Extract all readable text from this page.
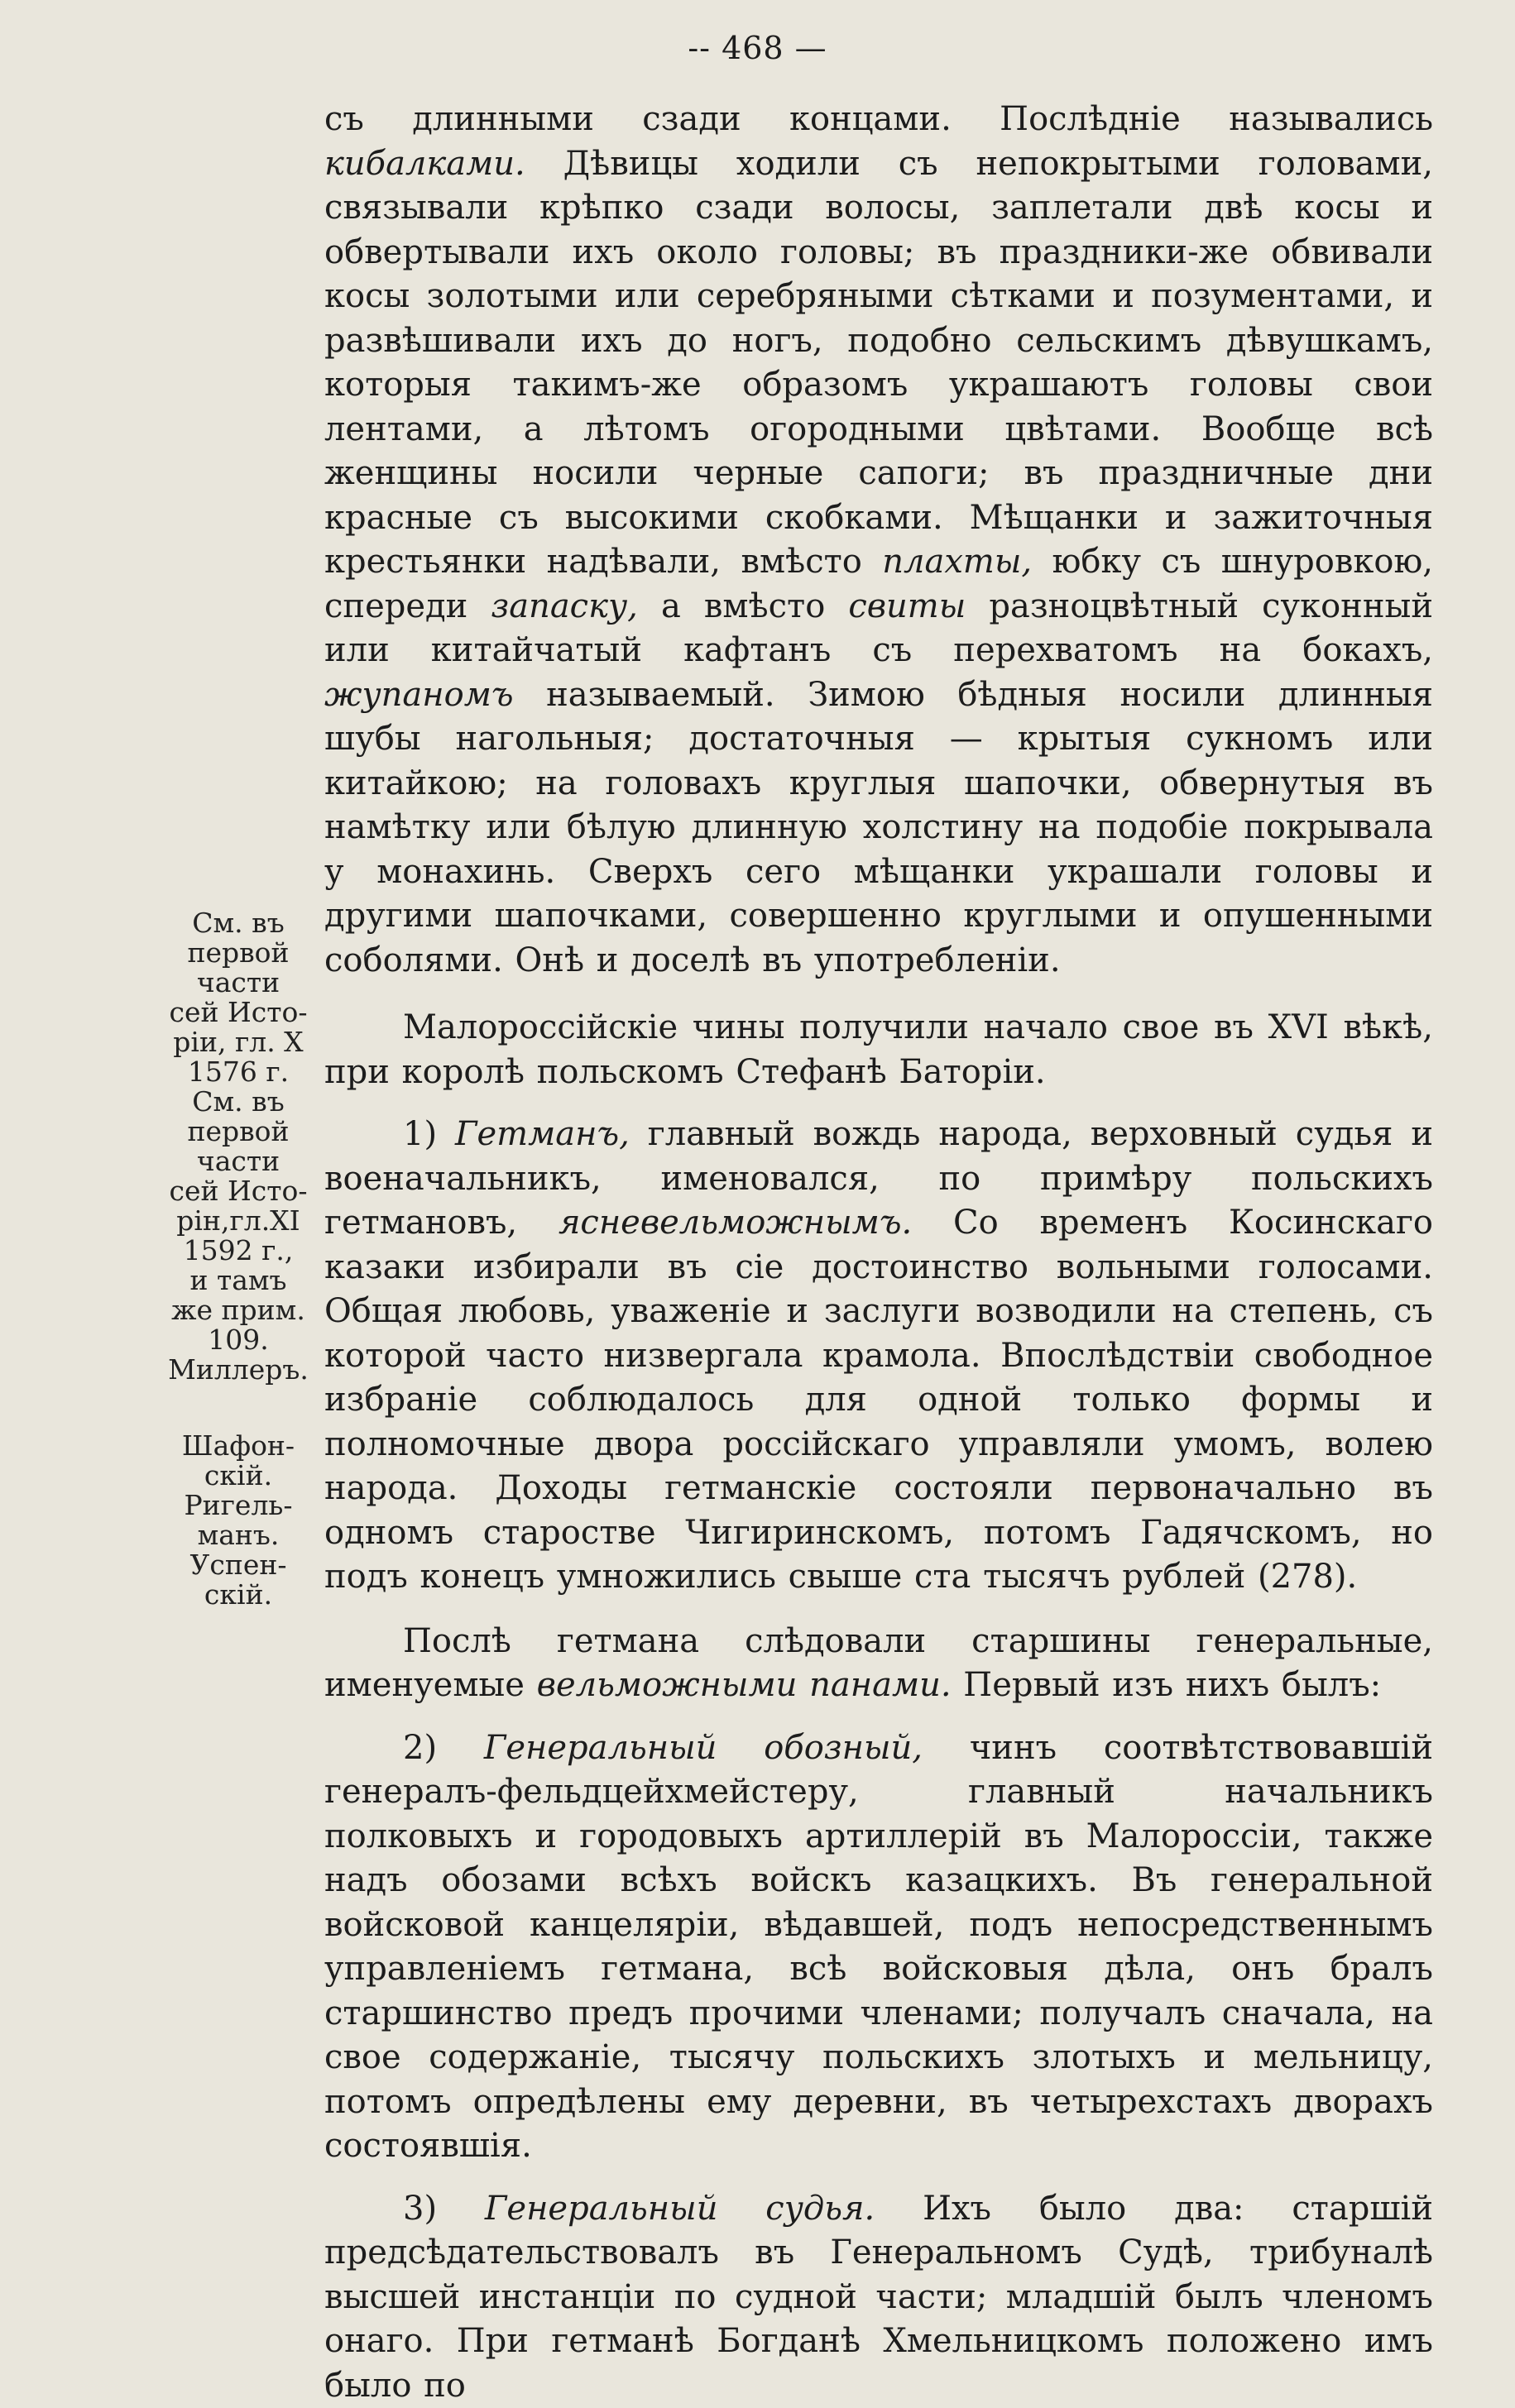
-- 468 —
См. въ
первой
части
сей Исто-
ріи, гл. X
1576 г.
См. въ
первой
части
сей Исто-
рін,гл.XI
1592 г.,
и тамъ
же прим.
109.
Миллеръ.
Шафон-
скій.
Ригель-
манъ.
Успен-
скій.

съ длинными сзади концами. Послѣдніе назывались кибалками. Дѣвицы ходили съ непокрытыми головами, связывали крѣпко сзади волосы, заплетали двѣ косы и обвертывали ихъ около головы; въ праздники-же обвивали косы золотыми или серебряными сѣтками и позументами, и развѣшивали ихъ до ногъ, подобно сельскимъ дѣвушкамъ, которыя такимъ-же образомъ украшаютъ головы свои лентами, а лѣтомъ огородными цвѣтами. Вообще всѣ женщины носили черные сапоги; въ праздничные дни красные съ высокими скобками. Мѣщанки и зажиточныя крестьянки надѣвали, вмѣсто плахты, юбку съ шнуровкою, спереди запаску, а вмѣсто свиты разноцвѣтный суконный или китайчатый кафтанъ съ перехватомъ на бокахъ, жупаномъ называемый. Зимою бѣдныя носили длинныя шубы нагольныя; достаточныя — крытыя сукномъ или китайкою; на головахъ круглыя шапочки, обвернутыя въ намѣтку или бѣлую длинную холстину на подобіе покрывала у монахинь. Сверхъ сего мѣщанки украшали головы и другими шапочками, совершенно круглыми и опушенными соболями. Онѣ и доселѣ въ употребленіи.

Малороссійскіе чины получили начало свое въ XVI вѣкѣ, при королѣ польскомъ Стефанѣ Баторіи.

1) Гетманъ, главный вождь народа, верховный судья и военачальникъ, именовался, по примѣру польскихъ гетмановъ, ясневельможнымъ. Со временъ Косинскаго казаки избирали въ сіе достоинство вольными голосами. Общая любовь, уваженіе и заслуги возводили на степень, съ которой часто низвергала крамола. Впослѣдствіи свободное избраніе соблюдалось для одной только формы и полномочные двора россійскаго управляли умомъ, волею народа. Доходы гетманскіе состояли первоначально въ одномъ старостве Чигиринскомъ, потомъ Гадячскомъ, но подъ конецъ умножились свыше ста тысячъ рублей (278).

Послѣ гетмана слѣдовали старшины генеральные, именуемые вельможными панами. Первый изъ нихъ былъ:

2) Генеральный обозный, чинъ соотвѣтствовавшій генералъ-фельдцейхмейстеру, главный начальникъ полковыхъ и городовыхъ артиллерій въ Малороссіи, также надъ обозами всѣхъ войскъ казацкихъ. Въ генеральной войсковой канцеляріи, вѣдавшей, подъ непосредственнымъ управленіемъ гетмана, всѣ войсковыя дѣла, онъ бралъ старшинство предъ прочими членами; получалъ сначала, на свое содержаніе, тысячу польскихъ злотыхъ и мельницу, потомъ опредѣлены ему деревни, въ четырехстахъ дворахъ состоявшія.

3) Генеральный судья. Ихъ было два: старшій предсѣдательствовалъ въ Генеральномъ Судѣ, трибуналѣ высшей инстанціи по судной части; младшій былъ членомъ онаго. При гетманѣ Богданѣ Хмельницкомъ положено имъ было по
